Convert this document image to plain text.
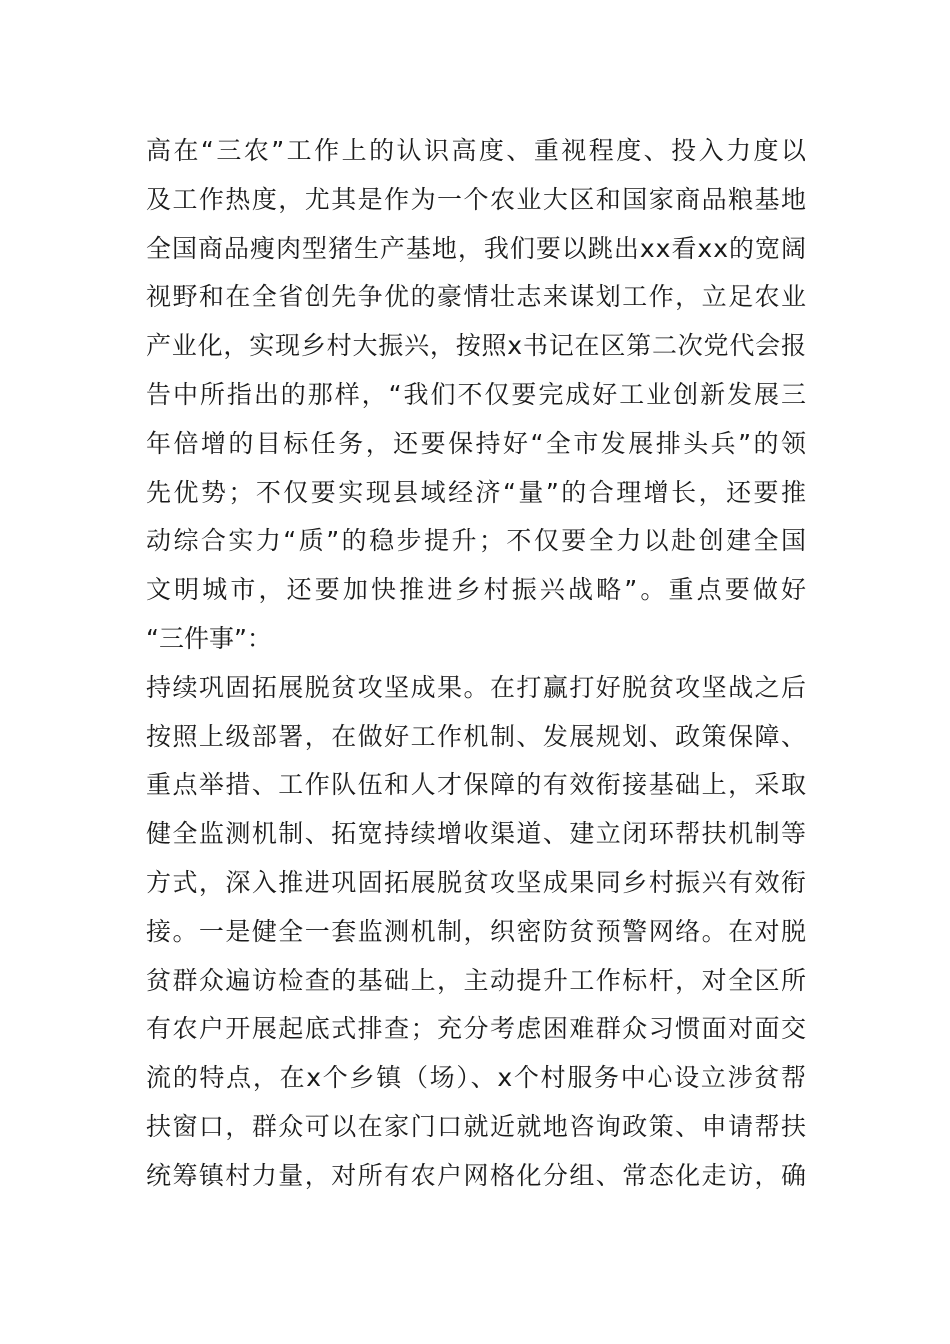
高在“三农”工作上的认识高度、重视程度、投入力度以
及工作热度，尤其是作为一个农业大区和国家商品粮基地
全国商品瘦肉型猪生产基地，我们要以跳出xx看xx的宽阔
视野和在全省创先争优的豪情壮志来谋划工作，立足农业
产业化，实现乡村大振兴，按照x书记在区第二次党代会报
告中所指出的那样，“我们不仅要完成好工业创新发展三
年倍增的目标任务，还要保持好“全市发展排头兵”的领
先优势；不仅要实现县域经济“量”的合理增长，还要推
动综合实力“质”的稳步提升；不仅要全力以赴创建全国
文明城市，还要加快推进乡村振兴战略”。重点要做好
“三件事”：
持续巩固拓展脱贫攻坚成果。在打赢打好脱贫攻坚战之后
按照上级部署，在做好工作机制、发展规划、政策保障、
重点举措、工作队伍和人才保障的有效衔接基础上，采取
健全监测机制、拓宽持续增收渠道、建立闭环帮扶机制等
方式，深入推进巩固拓展脱贫攻坚成果同乡村振兴有效衔
接。一是健全一套监测机制，织密防贫预警网络。在对脱
贫群众遍访检查的基础上，主动提升工作标杆，对全区所
有农户开展起底式排查；充分考虑困难群众习惯面对面交
流的特点，在x个乡镇（场）、x个村服务中心设立涉贫帮
扶窗口，群众可以在家门口就近就地咨询政策、申请帮扶
统筹镇村力量，对所有农户网格化分组、常态化走访，确
